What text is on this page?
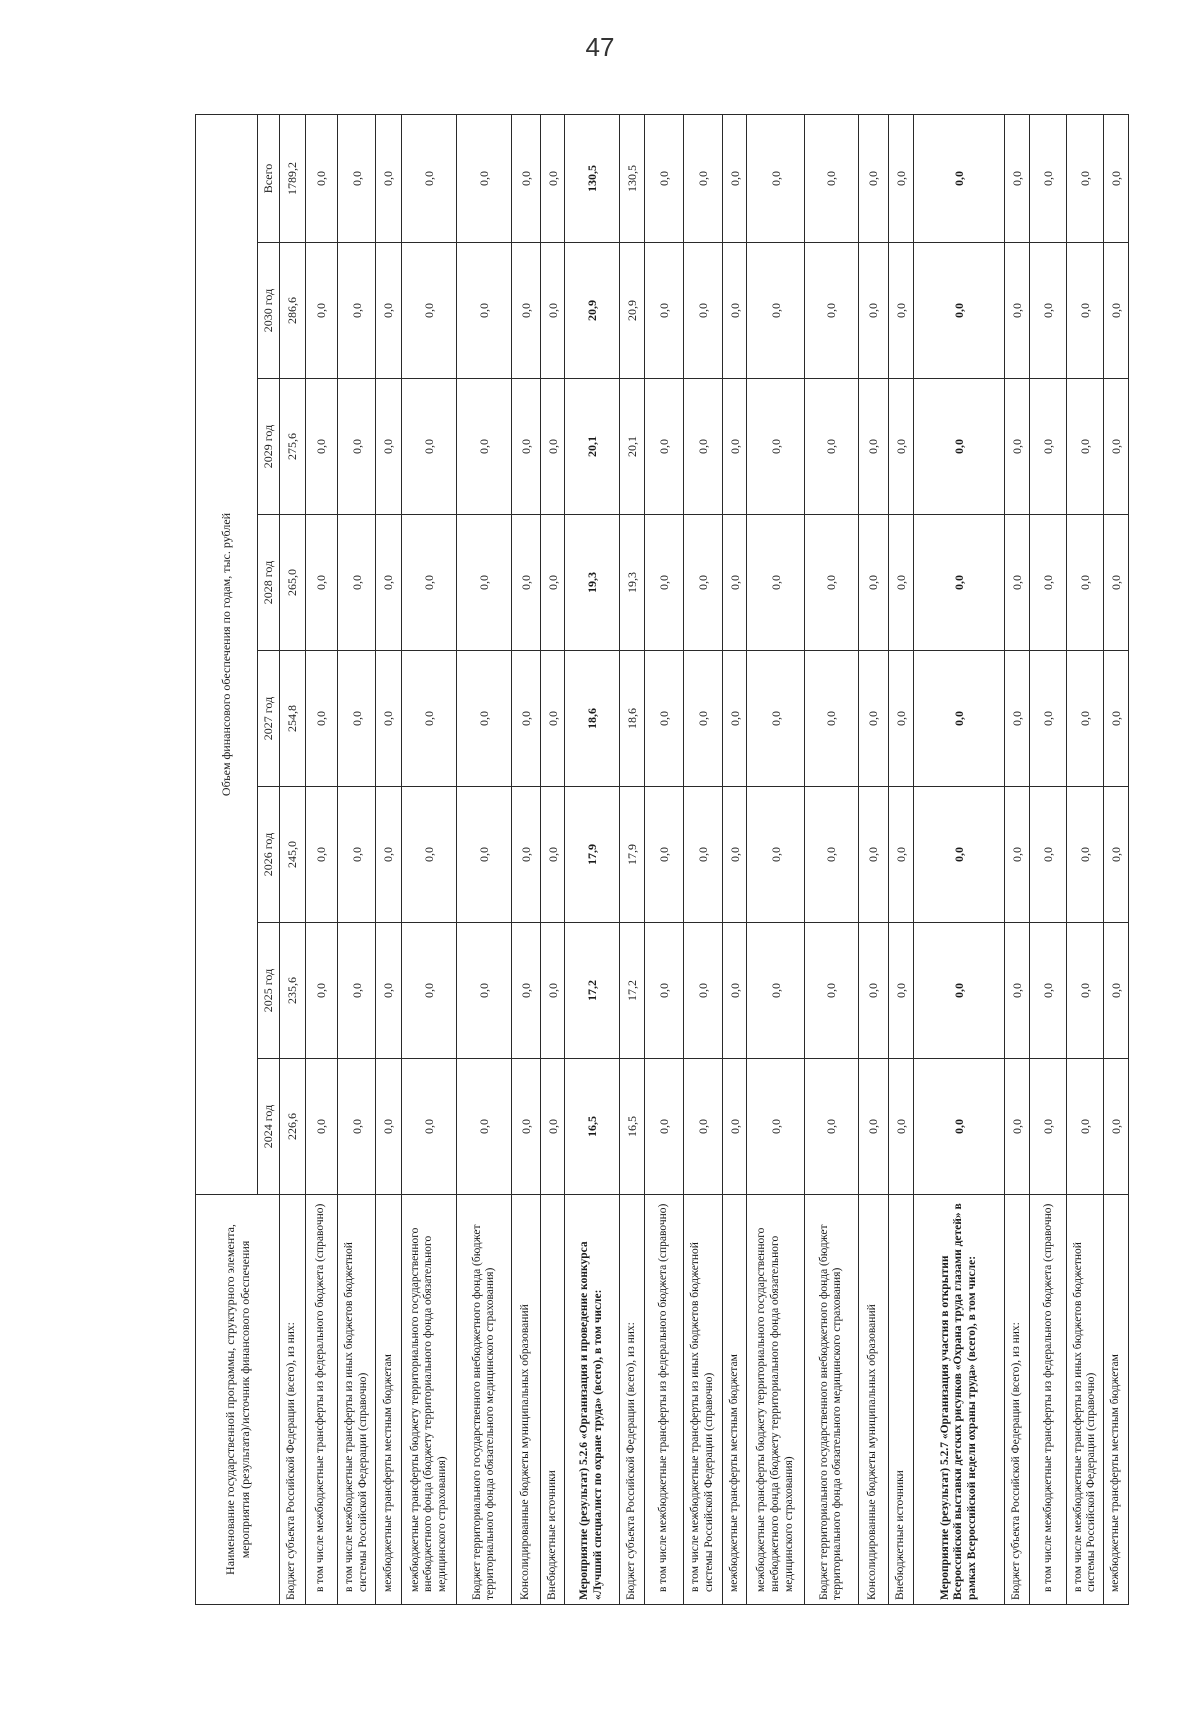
47
Наименование государственной программы, структурного элемента, мероприятия (результата)/источник финансового обеспечения	Объем финансового обеспечения по годам, тыс. рублей							
	2024 год	2025 год	2026 год	2027 год	2028 год	2029 год	2030 год	Всего
Бюджет субъекта Российской Федерации (всего), из них:	226,6	235,6	245,0	254,8	265,0	275,6	286,6	1789,2
в том числе межбюджетные трансферты из федерального бюджета (справочно)	0,0	0,0	0,0	0,0	0,0	0,0	0,0	0,0
в том числе межбюджетные трансферты из иных бюджетов бюджетной системы Российской Федерации (справочно)	0,0	0,0	0,0	0,0	0,0	0,0	0,0	0,0
межбюджетные трансферты местным бюджетам	0,0	0,0	0,0	0,0	0,0	0,0	0,0	0,0
межбюджетные трансферты бюджету территориального государственного внебюджетного фонда (бюджету территориального фонда обязательного медицинского страхования)	0,0	0,0	0,0	0,0	0,0	0,0	0,0	0,0
Бюджет территориального государственного внебюджетного фонда (бюджет территориального фонда обязательного медицинского страхования)	0,0	0,0	0,0	0,0	0,0	0,0	0,0	0,0
Консолидированные бюджеты муниципальных образований	0,0	0,0	0,0	0,0	0,0	0,0	0,0	0,0
Внебюджетные источники	0,0	0,0	0,0	0,0	0,0	0,0	0,0	0,0
Мероприятие (результат) 5.2.6 «Организация и проведение конкурса «Лучший специалист по охране труда» (всего), в том числе:	16,5	17,2	17,9	18,6	19,3	20,1	20,9	130,5
Бюджет субъекта Российской Федерации (всего), из них:	16,5	17,2	17,9	18,6	19,3	20,1	20,9	130,5
в том числе межбюджетные трансферты из федерального бюджета (справочно)	0,0	0,0	0,0	0,0	0,0	0,0	0,0	0,0
в том числе межбюджетные трансферты из иных бюджетов бюджетной системы Российской Федерации (справочно)	0,0	0,0	0,0	0,0	0,0	0,0	0,0	0,0
межбюджетные трансферты местным бюджетам	0,0	0,0	0,0	0,0	0,0	0,0	0,0	0,0
межбюджетные трансферты бюджету территориального государственного внебюджетного фонда (бюджету территориального фонда обязательного медицинского страхования)	0,0	0,0	0,0	0,0	0,0	0,0	0,0	0,0
Бюджет территориального государственного внебюджетного фонда (бюджет территориального фонда обязательного медицинского страхования)	0,0	0,0	0,0	0,0	0,0	0,0	0,0	0,0
Консолидированные бюджеты муниципальных образований	0,0	0,0	0,0	0,0	0,0	0,0	0,0	0,0
Внебюджетные источники	0,0	0,0	0,0	0,0	0,0	0,0	0,0	0,0
Мероприятие (результат) 5.2.7 «Организация участия в открытии Всероссийской выставки детских рисунков «Охрана труда глазами детей» в рамках Всероссийской недели охраны труда» (всего), в том числе:	0,0	0,0	0,0	0,0	0,0	0,0	0,0	0,0
Бюджет субъекта Российской Федерации (всего), из них:	0,0	0,0	0,0	0,0	0,0	0,0	0,0	0,0
в том числе межбюджетные трансферты из федерального бюджета (справочно)	0,0	0,0	0,0	0,0	0,0	0,0	0,0	0,0
в том числе межбюджетные трансферты из иных бюджетов бюджетной системы Российской Федерации (справочно)	0,0	0,0	0,0	0,0	0,0	0,0	0,0	0,0
межбюджетные трансферты местным бюджетам	0,0	0,0	0,0	0,0	0,0	0,0	0,0	0,0
